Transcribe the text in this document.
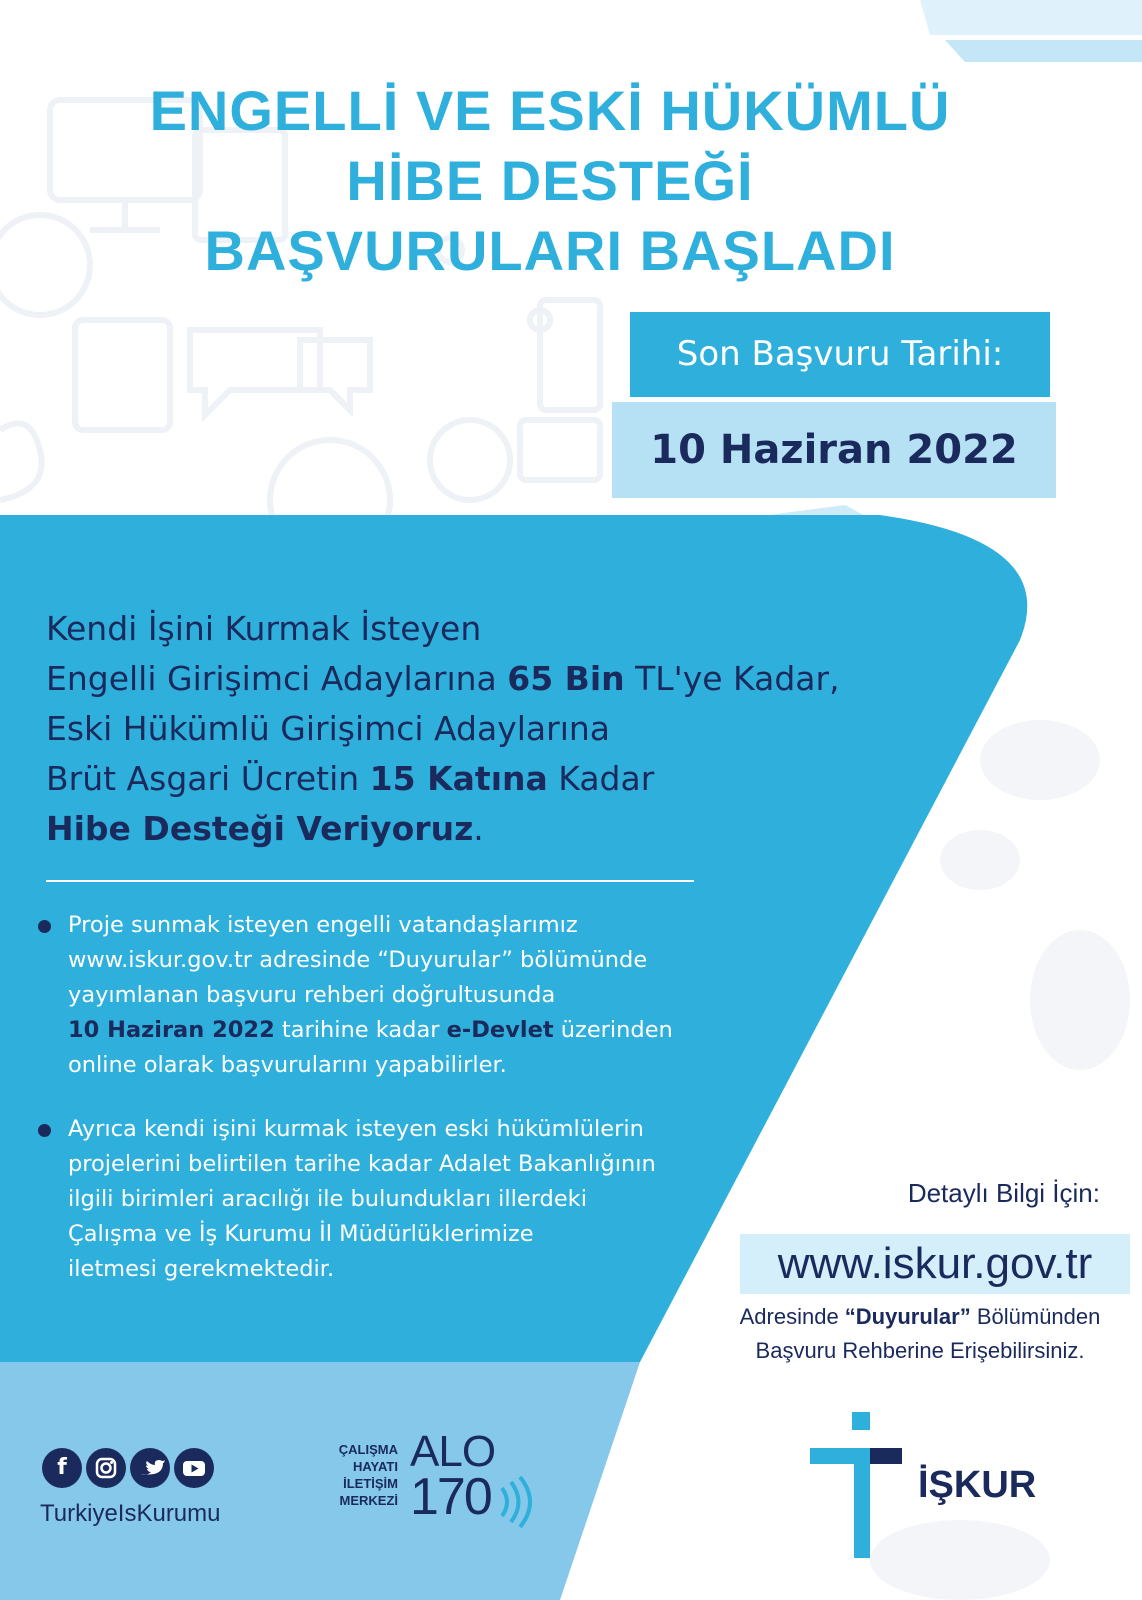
ENGELLİ VE ESKİ HÜKÜMLÜ
HİBE DESTEĞİ
BAŞVURULARI BAŞLADI
Son Başvuru Tarihi:
10 Haziran 2022
Kendi İşini Kurmak İsteyen
Engelli Girişimci Adaylarına 65 Bin TL'ye Kadar,
Eski Hükümlü Girişimci Adaylarına
Brüt Asgari Ücretin 15 Katına Kadar
Hibe Desteği Veriyoruz.
Proje sunmak isteyen engelli vatandaşlarımız
www.iskur.gov.tr adresinde “Duyurular” bölümünde
yayımlanan başvuru rehberi doğrultusunda
10 Haziran 2022 tarihine kadar e-Devlet üzerinden
online olarak başvurularını yapabilirler.
Ayrıca kendi işini kurmak isteyen eski hükümlülerin
projelerini belirtilen tarihe kadar Adalet Bakanlığının
ilgili birimleri aracılığı ile bulundukları illerdeki
Çalışma ve İş Kurumu İl Müdürlüklerimize
iletmesi gerekmektedir.
Detaylı Bilgi İçin:
www.iskur.gov.tr
Adresinde “Duyurular” Bölümünden
Başvuru Rehberine Erişebilirsiniz.
f
TurkiyeIsKurumu
ÇALIŞMA
HAYATI
İLETİŞİM
MERKEZİ
ALO
170	İŞKUR
